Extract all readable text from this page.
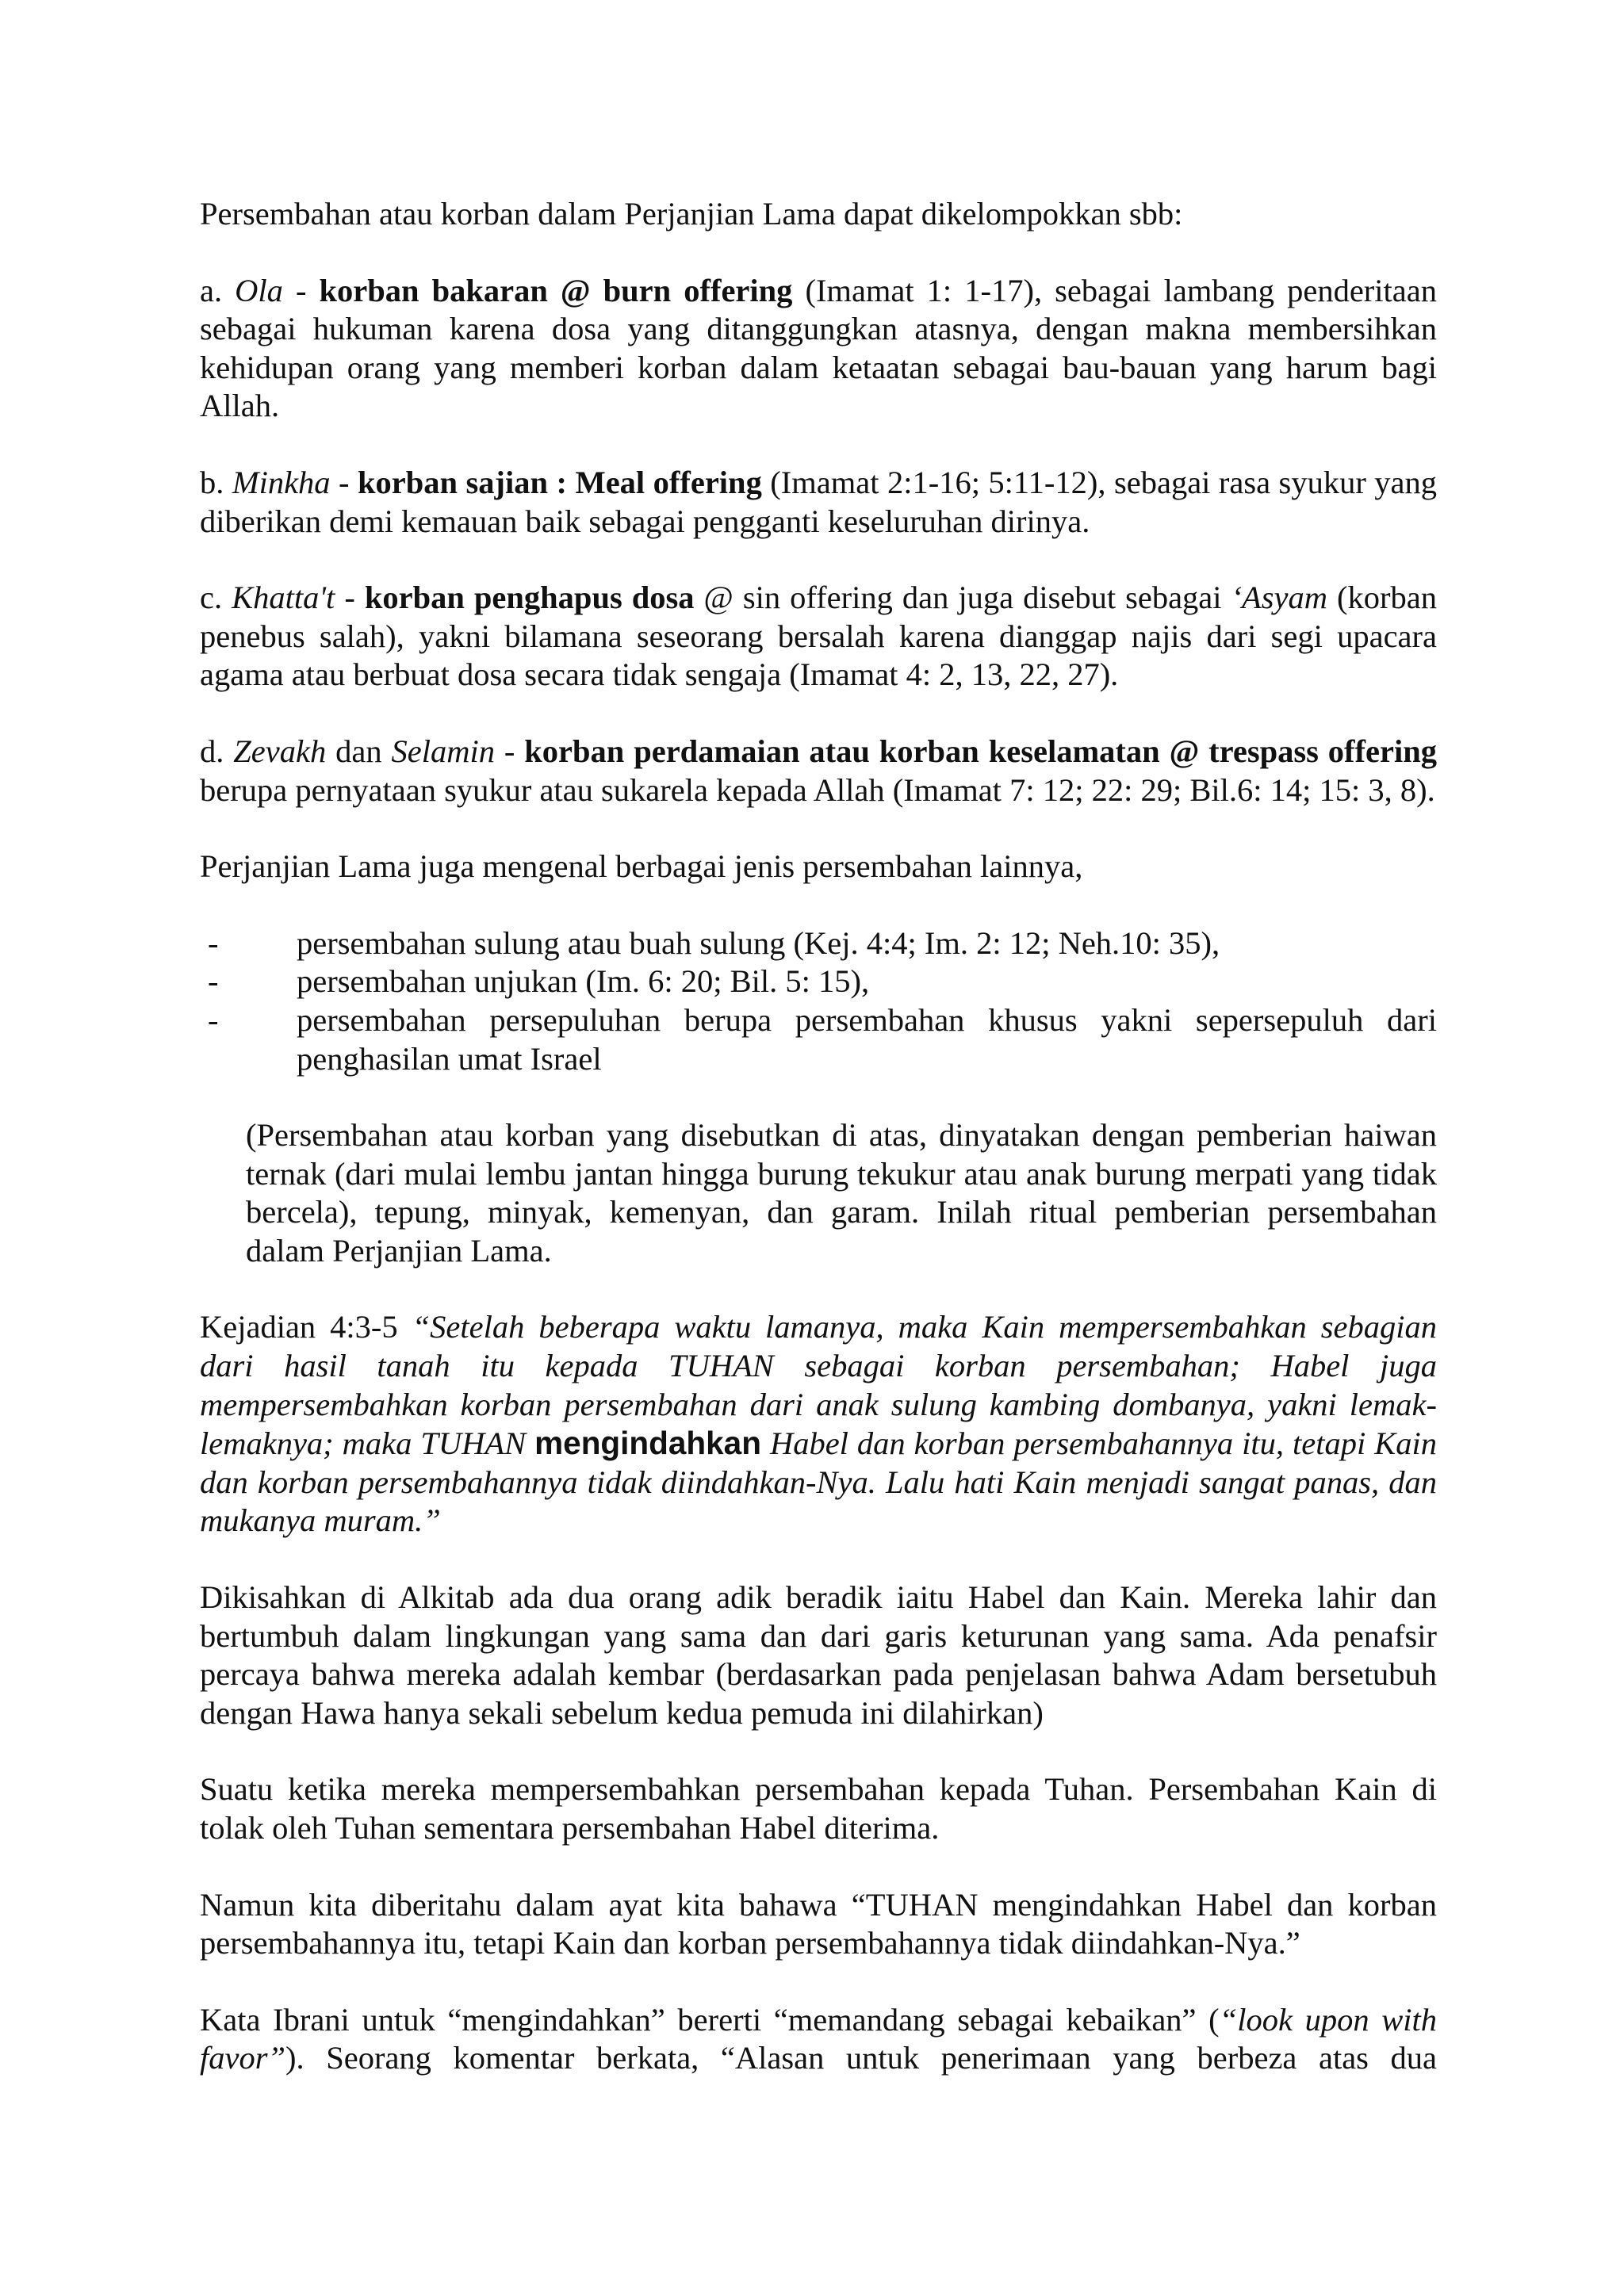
Persembahan atau korban dalam Perjanjian Lama dapat dikelompokkan sbb:

a. Ola - korban bakaran @ burn offering (Imamat 1: 1-17), sebagai lambang penderitaan sebagai hukuman karena dosa yang ditanggungkan atasnya, dengan makna membersihkan kehidupan orang yang memberi korban dalam ketaatan sebagai bau-bauan yang harum bagi Allah.

b. Minkha - korban sajian : Meal offering (Imamat 2:1-16; 5:11-12), sebagai rasa syukur yang diberikan demi kemauan baik sebagai pengganti keseluruhan dirinya.

c. Khatta't - korban penghapus dosa @ sin offering dan juga disebut sebagai ‘Asyam (korban penebus salah), yakni bilamana seseorang bersalah karena dianggap najis dari segi upacara agama atau berbuat dosa secara tidak sengaja (Imamat 4: 2, 13, 22, 27).

d. Zevakh dan Selamin - korban perdamaian atau korban keselamatan @ trespass offering berupa pernyataan syukur atau sukarela kepada Allah (Imamat 7: 12; 22: 29; Bil.6: 14; 15: 3, 8).

Perjanjian Lama juga mengenal berbagai jenis persembahan lainnya,

- persembahan sulung atau buah sulung (Kej. 4:4; Im. 2: 12; Neh.10: 35),
- persembahan unjukan (Im. 6: 20; Bil. 5: 15),
- persembahan persepuluhan berupa persembahan khusus yakni sepersepuluh dari penghasilan umat Israel

(Persembahan atau korban yang disebutkan di atas, dinyatakan dengan pemberian haiwan ternak (dari mulai lembu jantan hingga burung tekukur atau anak burung merpati yang tidak bercela), tepung, minyak, kemenyan, dan garam. Inilah ritual pemberian persembahan dalam Perjanjian Lama.

Kejadian 4:3-5 “Setelah beberapa waktu lamanya, maka Kain mempersembahkan sebagian dari hasil tanah itu kepada TUHAN sebagai korban persembahan; Habel juga mempersembahkan korban persembahan dari anak sulung kambing dombanya, yakni lemak-lemaknya; maka TUHAN mengindahkan Habel dan korban persembahannya itu, tetapi Kain dan korban persembahannya tidak diindahkan-Nya. Lalu hati Kain menjadi sangat panas, dan mukanya muram.”

Dikisahkan di Alkitab ada dua orang adik beradik iaitu Habel dan Kain. Mereka lahir dan bertumbuh dalam lingkungan yang sama dan dari garis keturunan yang sama. Ada penafsir percaya bahwa mereka adalah kembar (berdasarkan pada penjelasan bahwa Adam bersetubuh dengan Hawa hanya sekali sebelum kedua pemuda ini dilahirkan)

Suatu ketika mereka mempersembahkan persembahan kepada Tuhan. Persembahan Kain di tolak oleh Tuhan sementara persembahan Habel diterima.

Namun kita diberitahu dalam ayat kita bahawa “TUHAN mengindahkan Habel dan korban persembahannya itu, tetapi Kain dan korban persembahannya tidak diindahkan-Nya.”

Kata Ibrani untuk “mengindahkan” bererti “memandang sebagai kebaikan” (“look upon with favor”). Seorang komentar berkata, “Alasan untuk penerimaan yang berbeza atas dua
